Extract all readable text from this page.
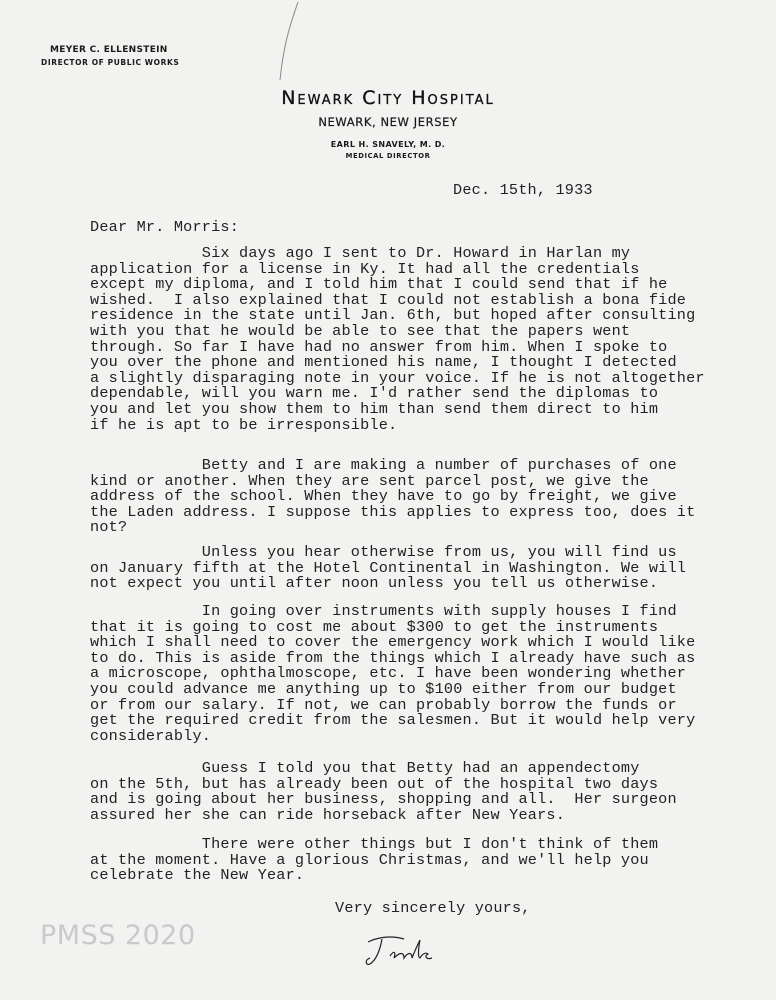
MEYER C. ELLENSTEIN
DIRECTOR OF PUBLIC WORKS
Newark City Hospital
NEWARK, NEW JERSEY
EARL H. SNAVELY, M. D.
MEDICAL DIRECTOR
Dec. 15th, 1933
Dear Mr. Morris:
Six days ago I sent to Dr. Howard in Harlan my
application for a license in Ky. It had all the credentials
except my diploma, and I told him that I could send that if he
wished.  I also explained that I could not establish a bona fide
residence in the state until Jan. 6th, but hoped after consulting
with you that he would be able to see that the papers went
through. So far I have had no answer from him. When I spoke to
you over the phone and mentioned his name, I thought I detected
a slightly disparaging note in your voice. If he is not altogether
dependable, will you warn me. I'd rather send the diplomas to
you and let you show them to him than send them direct to him
if he is apt to be irresponsible.
Betty and I are making a number of purchases of one
kind or another. When they are sent parcel post, we give the
address of the school. When they have to go by freight, we give
the Laden address. I suppose this applies to express too, does it
not?
Unless you hear otherwise from us, you will find us
on January fifth at the Hotel Continental in Washington. We will
not expect you until after noon unless you tell us otherwise.
In going over instruments with supply houses I find
that it is going to cost me about $300 to get the instruments
which I shall need to cover the emergency work which I would like
to do. This is aside from the things which I already have such as
a microscope, ophthalmoscope, etc. I have been wondering whether
you could advance me anything up to $100 either from our budget
or from our salary. If not, we can probably borrow the funds or
get the required credit from the salesmen. But it would help very
considerably.
Guess I told you that Betty had an appendectomy
on the 5th, but has already been out of the hospital two days
and is going about her business, shopping and all.  Her surgeon
assured her she can ride horseback after New Years.
There were other things but I don't think of them
at the moment. Have a glorious Christmas, and we'll help you
celebrate the New Year.
Very sincerely yours,
PMSS 2020
